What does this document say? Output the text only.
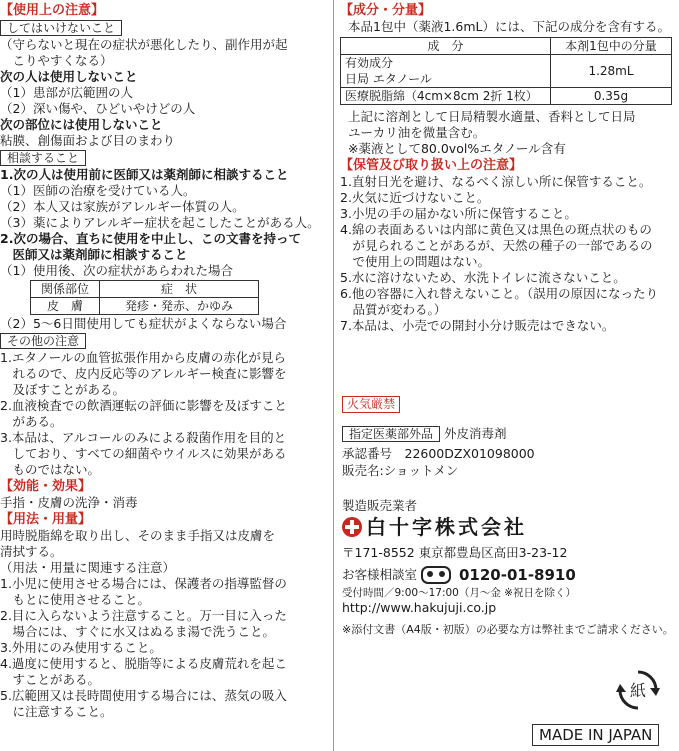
【使用上の注意】
してはいけないこと
（守らないと現在の症状が悪化したり、副作用が起
　こりやすくなる）
次の人は使用しないこと
（1）患部が広範囲の人
（2）深い傷や、ひどいやけどの人
次の部位には使用しないこと
粘膜、創傷面および目のまわり
相談すること
1.次の人は使用前に医師又は薬剤師に相談すること
（1）医師の治療を受けている人。
（2）本人又は家族がアレルギー体質の人。
（3）薬によりアレルギー症状を起こしたことがある人。
2.次の場合、直ちに使用を中止し、この文書を持って
　医師又は薬剤師に相談すること
（1）使用後、次の症状があらわれた場合
関係部位	症　状
皮　膚	発疹・発赤、かゆみ
（2）5～6日間使用しても症状がよくならない場合
その他の注意
1.エタノールの血管拡張作用から皮膚の赤化が見ら
　れるので、皮内反応等のアレルギー検査に影響を
　及ぼすことがある。
2.血液検査での飲酒運転の評価に影響を及ぼすこと
　がある。
3.本品は、アルコールのみによる殺菌作用を目的と
　しており、すべての細菌やウイルスに効果がある
　ものではない。
【効能・効果】
手指・皮膚の洗浄・消毒
【用法・用量】
用時脱脂綿を取り出し、そのまま手指又は皮膚を
清拭する。
（用法・用量に関連する注意）
1.小児に使用させる場合には、保護者の指導監督の
　もとに使用させること。
2.目に入らないよう注意すること。万一目に入った
　場合には、すぐに水又はぬるま湯で洗うこと。
3.外用にのみ使用すること。
4.過度に使用すると、脱脂等による皮膚荒れを起こ
　すことがある。
5.広範囲又は長時間使用する場合には、蒸気の吸入
　に注意すること。
【成分・分量】
本品1包中（薬液1.6mL）には、下記の成分を含有する。
成　分	本剤1包中の分量

有効成分
日局 エタノール	1.28mL
医療脱脂綿（4cm×8cm 2折 1枚）	0.35g
上記に溶剤として日局精製水適量、香料として日局
ユーカリ油を微量含む。
※薬液として80.0vol%エタノール含有
【保管及び取り扱い上の注意】
1.直射日光を避け、なるべく涼しい所に保管すること。
2.火気に近づけないこと。
3.小児の手の届かない所に保管すること。
4.綿の表面あるいは内部に黄色又は黒色の斑点状のもの
　が見られることがあるが、天然の種子の一部であるの
　で使用上の問題はない。
5.水に溶けないため、水洗トイレに流さないこと。
6.他の容器に入れ替えないこと。（誤用の原因になったり
　品質が変わる。）
7.本品は、小売での開封小分け販売はできない。
火気厳禁
指定医薬部外品 外皮消毒剤
承認番号　22600DZX01098000
販売名:ショットメン
製造販売業者
白十字株式会社
〒171-8552 東京都豊島区高田3-23-12
お客様相談室	0120-01-8910
受付時間／9:00～17:00（月～金 ※祝日を除く）
http://www.hakujuji.co.jp
※添付文書（A4版・初版）の必要な方は弊社までご請求ください。
紙
MADE IN JAPAN
